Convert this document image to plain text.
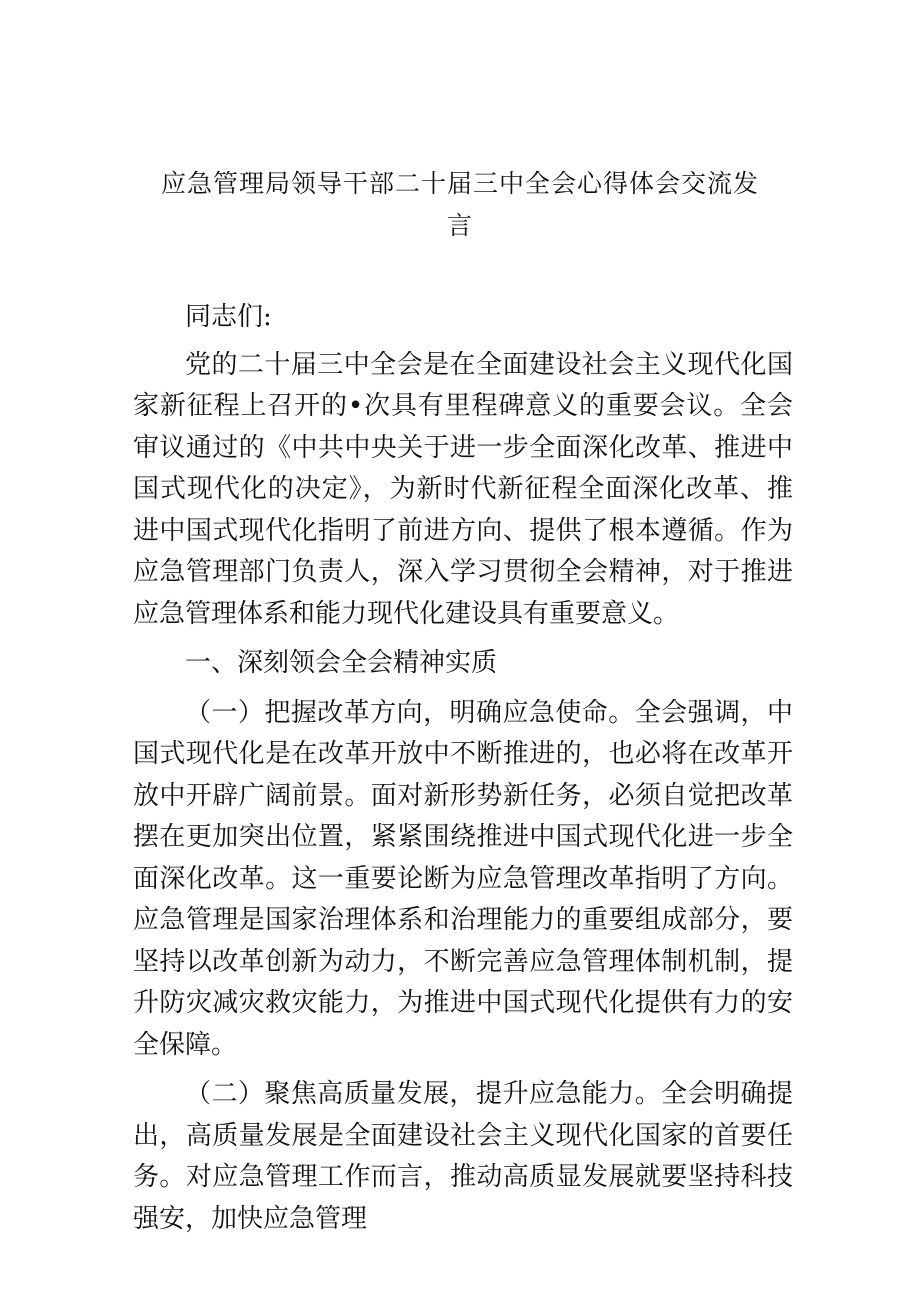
应急管理局领导干部二十届三中全会心得体会交流发
言

同志们:

党的二十届三中全会是在全面建设社会主义现代化国家新征程上召开的•次具有里程碑意义的重要会议。全会审议通过的《中共中央关于进一步全面深化改革、推进中国式现代化的决定》，为新时代新征程全面深化改革、推进中国式现代化指明了前进方向、提供了根本遵循。作为应急管理部门负责人，深入学习贯彻全会精神，对于推进应急管理体系和能力现代化建设具有重要意义。

一、深刻领会全会精神实质

（一）把握改革方向，明确应急使命。全会强调，中国式现代化是在改革开放中不断推进的，也必将在改革开放中开辟广阔前景。面对新形势新任务，必须自觉把改革摆在更加突出位置，紧紧围绕推进中国式现代化进一步全面深化改革。这一重要论断为应急管理改革指明了方向。应急管理是国家治理体系和治理能力的重要组成部分，要坚持以改革创新为动力，不断完善应急管理体制机制，提升防灾减灾救灾能力，为推进中国式现代化提供有力的安全保障。

（二）聚焦高质量发展，提升应急能力。全会明确提出，高质量发展是全面建设社会主义现代化国家的首要任务。对应急管理工作而言，推动高质显发展就要坚持科技强安，加快应急管理
